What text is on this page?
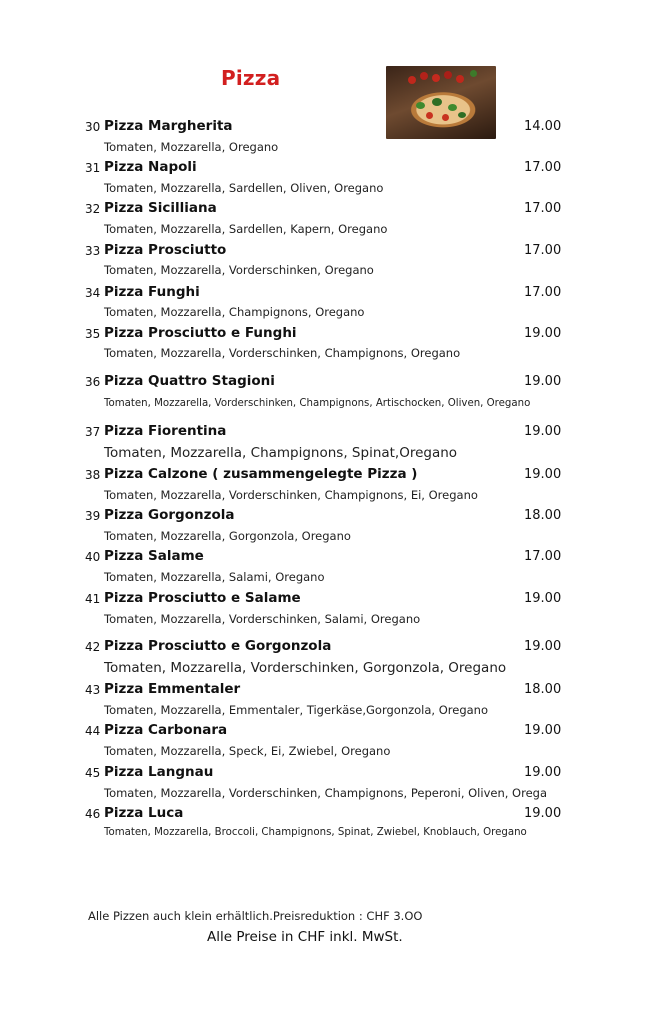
Pizza
30 Pizza Margherita	14.00
Tomaten, Mozzarella, Oregano
31 Pizza Napoli	17.00
Tomaten, Mozzarella, Sardellen, Oliven, Oregano
32 Pizza Sicilliana	17.00
Tomaten, Mozzarella, Sardellen, Kapern, Oregano
33 Pizza Prosciutto	17.00
Tomaten, Mozzarella, Vorderschinken, Oregano
34 Pizza Funghi	17.00
Tomaten, Mozzarella, Champignons, Oregano
35 Pizza Prosciutto e Funghi	19.00
Tomaten, Mozzarella, Vorderschinken, Champignons, Oregano
36 Pizza Quattro Stagioni	19.00
Tomaten, Mozzarella, Vorderschinken, Champignons, Artischocken, Oliven, Oregano
37 Pizza Fiorentina	19.00
Tomaten, Mozzarella, Champignons, Spinat,Oregano
38 Pizza Calzone ( zusammengelegte Pizza )	19.00
Tomaten, Mozzarella, Vorderschinken, Champignons, Ei, Oregano
39 Pizza Gorgonzola	18.00
Tomaten, Mozzarella, Gorgonzola, Oregano
40 Pizza Salame	17.00
Tomaten, Mozzarella, Salami, Oregano
41 Pizza Prosciutto e Salame	19.00
Tomaten, Mozzarella, Vorderschinken, Salami, Oregano
42 Pizza Prosciutto e Gorgonzola	19.00
Tomaten, Mozzarella, Vorderschinken, Gorgonzola, Oregano
43 Pizza Emmentaler	18.00
Tomaten, Mozzarella, Emmentaler, Tigerkäse,Gorgonzola, Oregano
44 Pizza Carbonara	19.00
Tomaten, Mozzarella, Speck, Ei, Zwiebel, Oregano
45 Pizza Langnau	19.00
Tomaten, Mozzarella, Vorderschinken, Champignons, Peperoni, Oliven, Orega
46 Pizza Luca	19.00
Tomaten, Mozzarella, Broccoli, Champignons, Spinat, Zwiebel, Knoblauch, Oregano
Alle Pizzen auch klein erhältlich.Preisreduktion : CHF 3.OO
Alle Preise in CHF inkl. MwSt.
